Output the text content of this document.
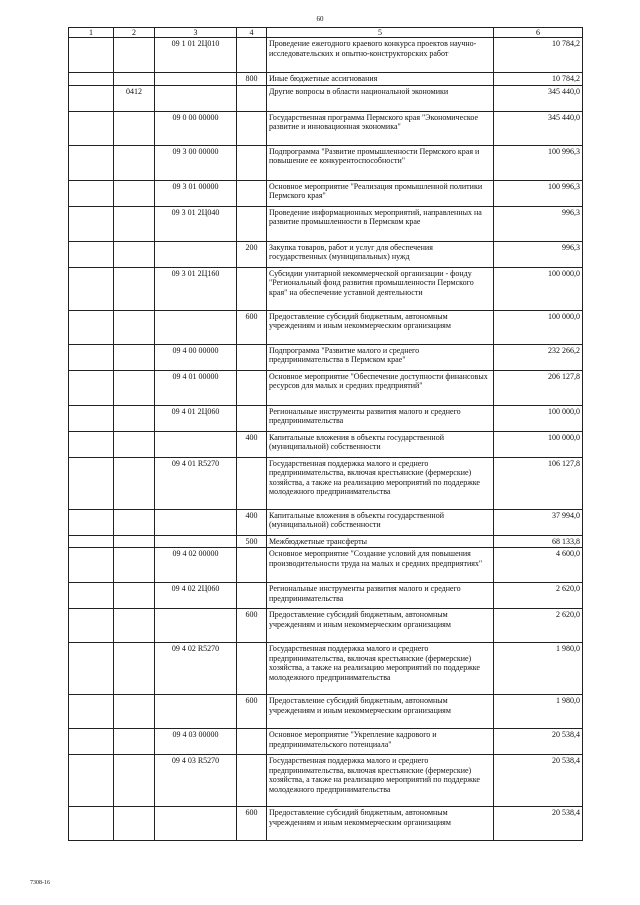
60
1	2	3	4	5	6
		09 1 01 2Ц010		Проведение ежегодного краевого конкурса проектов научно-исследовательских и опытно-конструкторских работ	10 784,2
			800	Иные бюджетные ассигнования	10 784,2
	0412			Другие вопросы в области национальной экономики	345 440,0
		09 0 00 00000		Государственная программа Пермского края "Экономическое развитие и инновационная экономика"	345 440,0
		09 3 00 00000		Подпрограмма "Развитие промышленности Пермского края и повышение ее конкурентоспособности"	100 996,3
		09 3 01 00000		Основное мероприятие "Реализация промышленной политики Пермского края"	100 996,3
		09 3 01 2Ц040		Проведение информационных мероприятий, направленных на развитие промышленности в Пермском крае	996,3
			200	Закупка товаров, работ и услуг для обеспечения государственных (муниципальных) нужд	996,3
		09 3 01 2Ц160		Субсидии унитарной некоммерческой организации - фонду "Региональный фонд развития промышленности Пермского края" на обеспечение уставной деятельности	100 000,0
			600	Предоставление субсидий бюджетным, автономным учреждениям и иным некоммерческим организациям	100 000,0
		09 4 00 00000		Подпрограмма "Развитие малого и среднего предпринимательства в Пермском крае"	232 266,2
		09 4 01 00000		Основное мероприятие "Обеспечение доступности финансовых ресурсов для малых и средних предприятий"	206 127,8
		09 4 01 2Ц060		Региональные инструменты развития малого и среднего предпринимательства	100 000,0
			400	Капитальные вложения в объекты государственной (муниципальной) собственности	100 000,0
		09 4 01 R5270		Государственная поддержка малого и среднего предпринимательства, включая крестьянские (фермерские) хозяйства, а также на реализацию мероприятий по поддержке молодежного предпринимательства	106 127,8
			400	Капитальные вложения в объекты государственной (муниципальной) собственности	37 994,0
			500	Межбюджетные трансферты	68 133,8
		09 4 02 00000		Основное мероприятие "Создание условий для повышения производительности труда на малых и средних предприятиях"	4 600,0
		09 4 02 2Ц060		Региональные инструменты развития малого и среднего предпринимательства	2 620,0
			600	Предоставление субсидий бюджетным, автономным учреждениям и иным некоммерческим организациям	2 620,0
		09 4 02 R5270		Государственная поддержка малого и среднего предпринимательства, включая крестьянские (фермерские) хозяйства, а также на реализацию мероприятий по поддержке молодежного предпринимательства	1 980,0
			600	Предоставление субсидий бюджетным, автономным учреждениям и иным некоммерческим организациям	1 980,0
		09 4 03 00000		Основное мероприятие "Укрепление кадрового и предпринимательского потенциала"	20 538,4
		09 4 03 R5270		Государственная поддержка малого и среднего предпринимательства, включая крестьянские (фермерские) хозяйства, а также на реализацию мероприятий по поддержке молодежного предпринимательства	20 538,4
			600	Предоставление субсидий бюджетным, автономным учреждениям и иным некоммерческим организациям	20 538,4
7308-16
